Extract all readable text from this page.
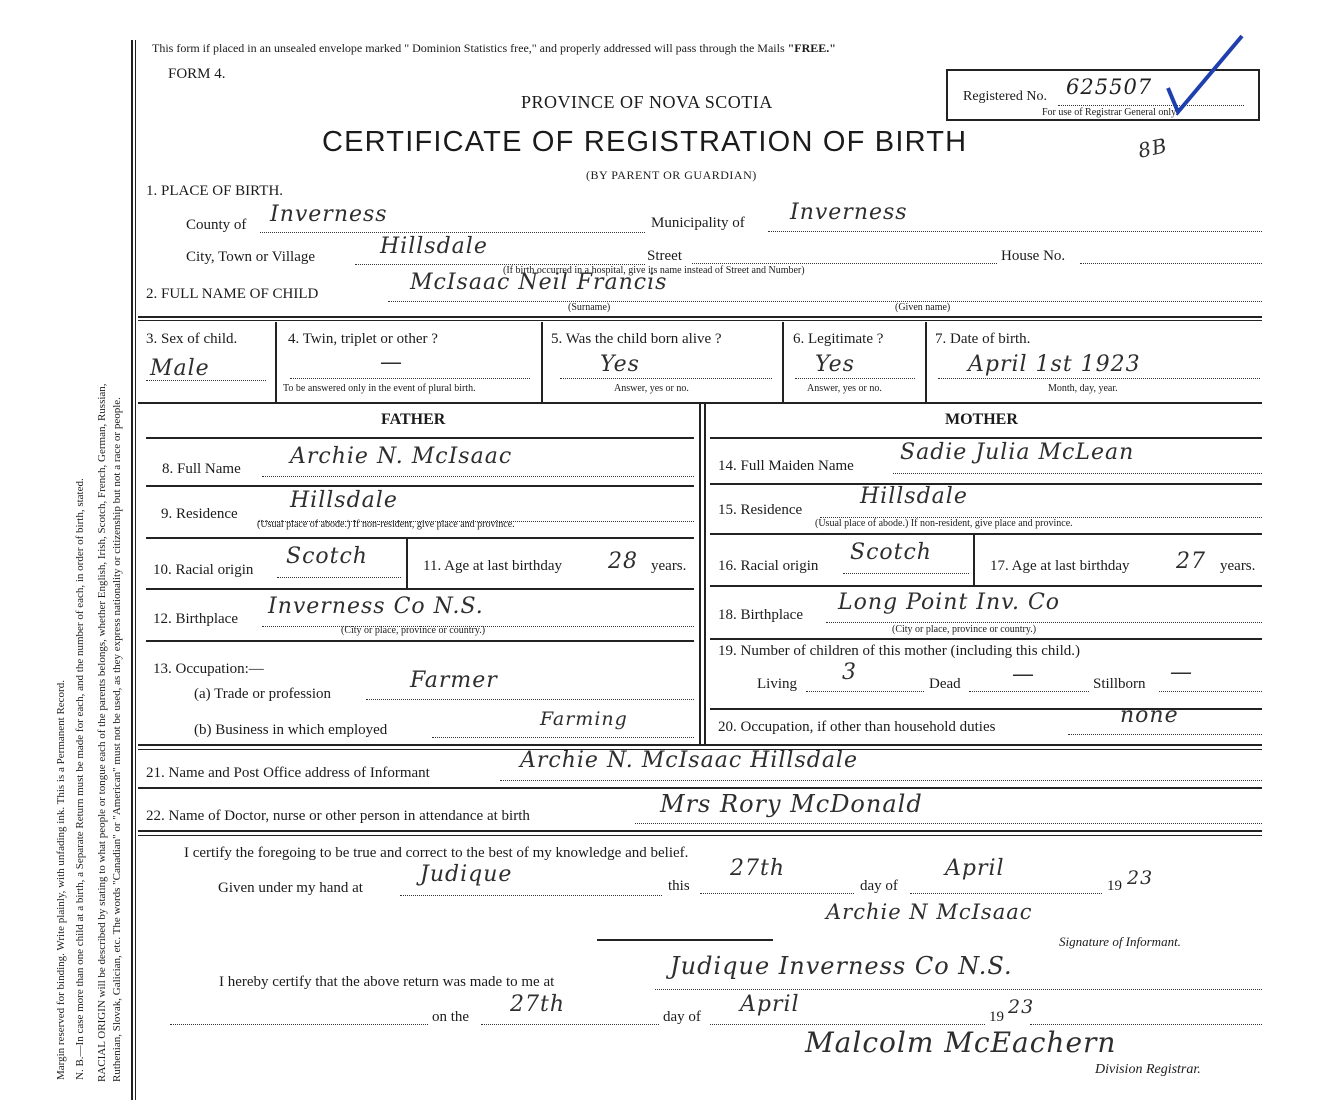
Margin reserved for binding. Write plainly, with unfading ink. This is a Permanent Record. N. B.—In case more than one child at a birth, a Separate Return must be made for each, and the number of each, in order of birth, stated. RACIAL ORIGIN will be described by stating to what people or tongue each of the parents belongs, whether English, Irish, Scotch, French, German, Russian, Ruthenian, Slovak, Galician, etc. The words "Canadian" or "American" must not be used, as they express nationality or citizenship but not a race or people.
This form if placed in an unsealed envelope marked " Dominion Statistics free," and properly addressed will pass through the Mails "FREE."
FORM 4.
PROVINCE OF NOVA SCOTIA
CERTIFICATE OF REGISTRATION OF BIRTH
(BY PARENT OR GUARDIAN)
Registered No. 625507
For use of Registrar General only.
8B
1. PLACE OF BIRTH.
County of Inverness	Municipality of Inverness
City, Town or Village	Hillsdale	Street	House No.
(If birth occurred in a hospital, give its name instead of Street and Number)
2. FULL NAME OF CHILD	McIsaac Neil Francis
(Surname)	(Given name)
3. Sex of child.
Male
4. Twin, triplet or other ?
—
To be answered only in the event of plural birth.
5. Was the child born alive ?
Yes
Answer, yes or no.
6. Legitimate ?
Yes
Answer, yes or no.
7. Date of birth.
April 1st 1923
Month, day, year.
FATHER	MOTHER
8. Full Name Archie N. McIsaac
9. Residence
Hillsdale
(Usual place of abode.) If non-resident, give place and province.
10. Racial origin
Scotch	11. Age at last birthday 28 years.
12. Birthplace Inverness Co N.S.
(City or place, province or country.)
13. Occupation:—
(a) Trade or profession
Farmer
(b) Business in which employed	Farming
14. Full Maiden Name
Sadie Julia McLean
15. Residence
Hillsdale
(Usual place of abode.) If non-resident, give place and province.
16. Racial origin
Scotch
17. Age at last birthday 27 years.
18. Birthplace Long Point Inv. Co
(City or place, province or country.)
19. Number of children of this mother (including this child.)
Living 3	Dead —	Stillborn —
20. Occupation, if other than household duties	none
21. Name and Post Office address of Informant	Archie N. McIsaac Hillsdale
22. Name of Doctor, nurse or other person in attendance at birth	Mrs Rory McDonald
I certify the foregoing to be true and correct to the best of my knowledge and belief.
Given under my hand at
Judique	this
27th
day of
April
19 23
Archie N McIsaac
Signature of Informant.
I hereby certify that the above return was made to me at
Judique Inverness Co N.S.
on the 27th	day of April	19 23
Malcolm McEachern
Division Registrar.
